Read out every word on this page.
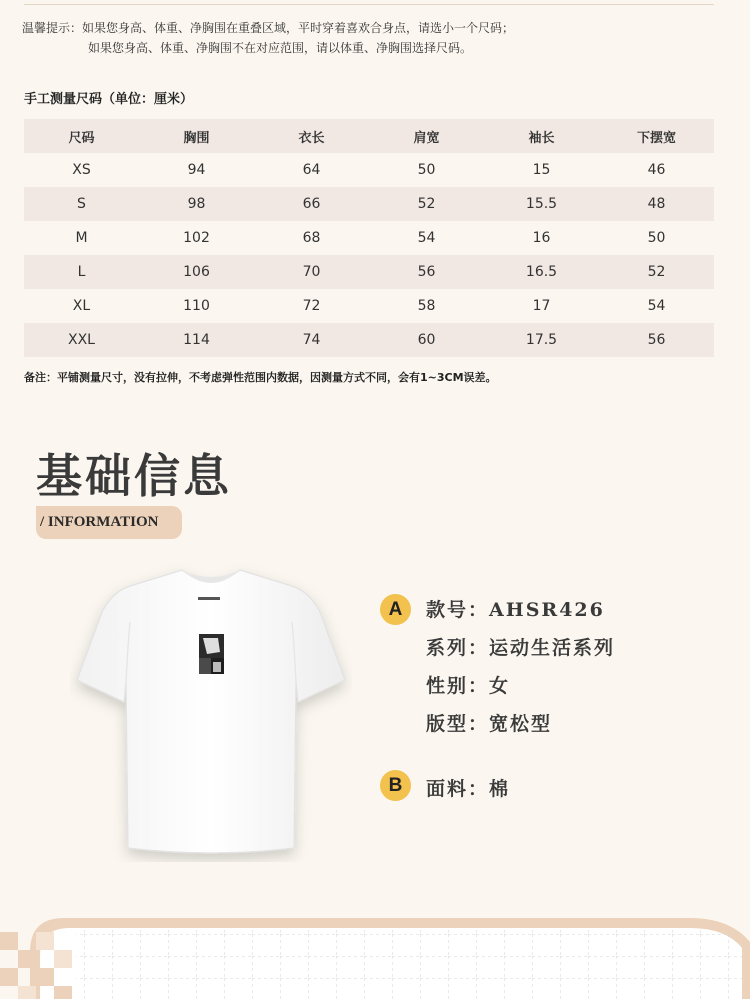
温馨提示：如果您身高、体重、净胸围在重叠区域，平时穿着喜欢合身点，请选小一个尺码；
如果您身高、体重、净胸围不在对应范围，请以体重、净胸围选择尺码。
手工测量尺码（单位：厘米）
尺码	胸围	衣长	肩宽	袖长	下摆宽
XS	94	64	50	15	46
S	98	66	52	15.5	48
M	102	68	54	16	50
L	106	70	56	16.5	52
XL	110	72	58	17	54
XXL	114	74	60	17.5	56
备注：平铺测量尺寸，没有拉伸，不考虑弹性范围内数据，因测量方式不同，会有1~3CM误差。
基础信息
/ INFORMATION
A	款号：AHSR426
系列：运动生活系列
性别：女
版型：宽松型
B	面料：棉
